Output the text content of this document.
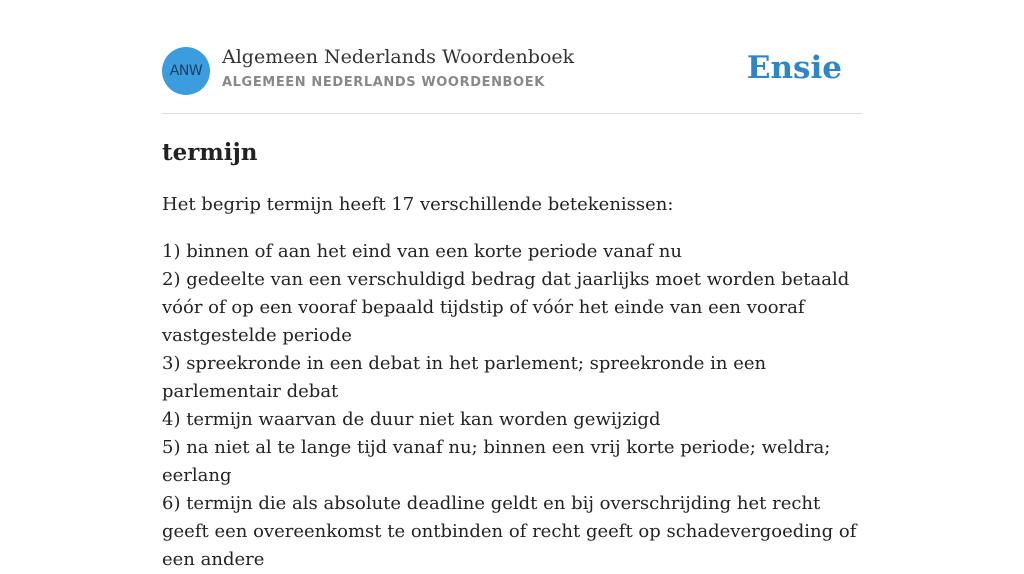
ANW
Algemeen Nederlands Woordenboek
ALGEMEEN NEDERLANDS WOORDENBOEK	Ensie
termijn

Het begrip termijn heeft 17 verschillende betekenissen:

1) binnen of aan het eind van een korte periode vanaf nu
2) gedeelte van een verschuldigd bedrag dat jaarlijks moet worden betaald vóór of op een vooraf bepaald tijdstip of vóór het einde van een vooraf vastgestelde periode
3) spreekronde in een debat in het parlement; spreekronde in een parlementair debat
4) termijn waarvan de duur niet kan worden gewijzigd
5) na niet al te lange tijd vanaf nu; binnen een vrij korte periode; weldra; eerlang
6) termijn die als absolute deadline geldt en bij overschrijding het recht geeft een overeenkomst te ontbinden of recht geeft op schadevergoeding of een andere
